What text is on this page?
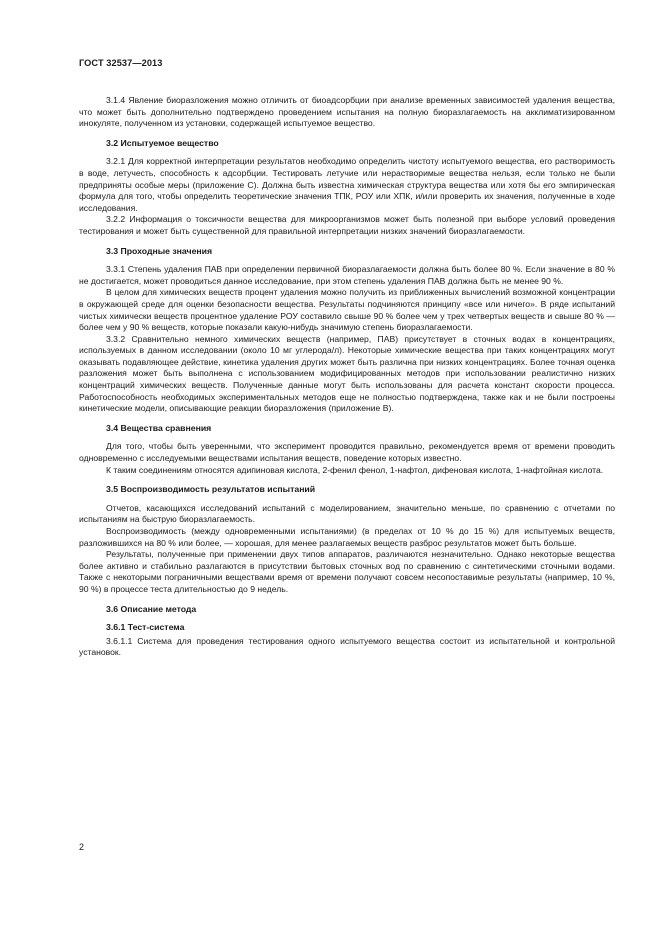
ГОСТ 32537—2013

3.1.4 Явление биоразложения можно отличить от биоадсорбции при анализе временных зависимостей удаления вещества, что может быть дополнительно подтверждено проведением испытания на полную биоразлагаемость на акклиматизированном инокуляте, полученном из установки, содержащей испытуемое вещество.

3.2 Испытуемое вещество

3.2.1 Для корректной интерпретации результатов необходимо определить чистоту испытуемого вещества, его растворимость в воде, летучесть, способность к адсорбции. Тестировать летучие или нерастворимые вещества нельзя, если только не были предприняты особые меры (приложение С). Должна быть известна химическая структура вещества или хотя бы его эмпирическая формула для того, чтобы определить теоретические значения ТПК, РОУ или ХПК, и/или проверить их значения, полученные в ходе исследования.

3.2.2 Информация о токсичности вещества для микроорганизмов может быть полезной при выборе условий проведения тестирования и может быть существенной для правильной интерпретации низких значений биоразлагаемости.

3.3 Проходные значения

3.3.1 Степень удаления ПАВ при определении первичной биоразлагаемости должна быть более 80 %. Если значение в 80 % не достигается, может проводиться данное исследование, при этом степень удаления ПАВ должна быть не менее 90 %.

В целом для химических веществ процент удаления можно получить из приближенных вычислений возможной концентрации в окружающей среде для оценки безопасности вещества. Результаты подчиняются принципу «все или ничего». В ряде испытаний чистых химически веществ процентное удаление РОУ составило свыше 90 % более чем у трех четвертых веществ и свыше 80 % — более чем у 90 % веществ, которые показали какую-нибудь значимую степень биоразлагаемости.

3.3.2 Сравнительно немного химических веществ (например, ПАВ) присутствует в сточных водах в концентрациях, используемых в данном исследовании (около 10 мг углерода/л). Некоторые химические вещества при таких концентрациях могут оказывать подавляющее действие, кинетика удаления других может быть различна при низких концентрациях. Более точная оценка разложения может быть выполнена с использованием модифицированных методов при использовании реалистично низких концентраций химических веществ. Полученные данные могут быть использованы для расчета констант скорости процесса. Работоспособность необходимых экспериментальных методов еще не полностью подтверждена, также как и не были построены кинетические модели, описывающие реакции биоразложения (приложение В).

3.4 Вещества сравнения

Для того, чтобы быть уверенными, что эксперимент проводится правильно, рекомендуется время от времени проводить одновременно с исследуемыми веществами испытания веществ, поведение которых известно.

К таким соединениям относятся адипиновая кислота, 2-фенил фенол, 1-нафтол, дифеновая кислота, 1-нафтойная кислота.

3.5 Воспроизводимость результатов испытаний

Отчетов, касающихся исследований испытаний с моделированием, значительно меньше, по сравнению с отчетами по испытаниям на быструю биоразлагаемость.

Воспроизводимость (между одновременными испытаниями) (в пределах от 10 % до 15 %) для испытуемых веществ, разложившихся на 80 % или более, — хорошая, для менее разлагаемых веществ разброс результатов может быть больше.

Результаты, полученные при применении двух типов аппаратов, различаются незначительно. Однако некоторые вещества более активно и стабильно разлагаются в присутствии бытовых сточных вод по сравнению с синтетическими сточными водами. Также с некоторыми пограничными веществами время от времени получают совсем несопоставимые результаты (например, 10 %, 90 %) в процессе теста длительностью до 9 недель.

3.6 Описание метода
3.6.1 Тест-система

3.6.1.1 Система для проведения тестирования одного испытуемого вещества состоит из испытательной и контрольной установок.

2
